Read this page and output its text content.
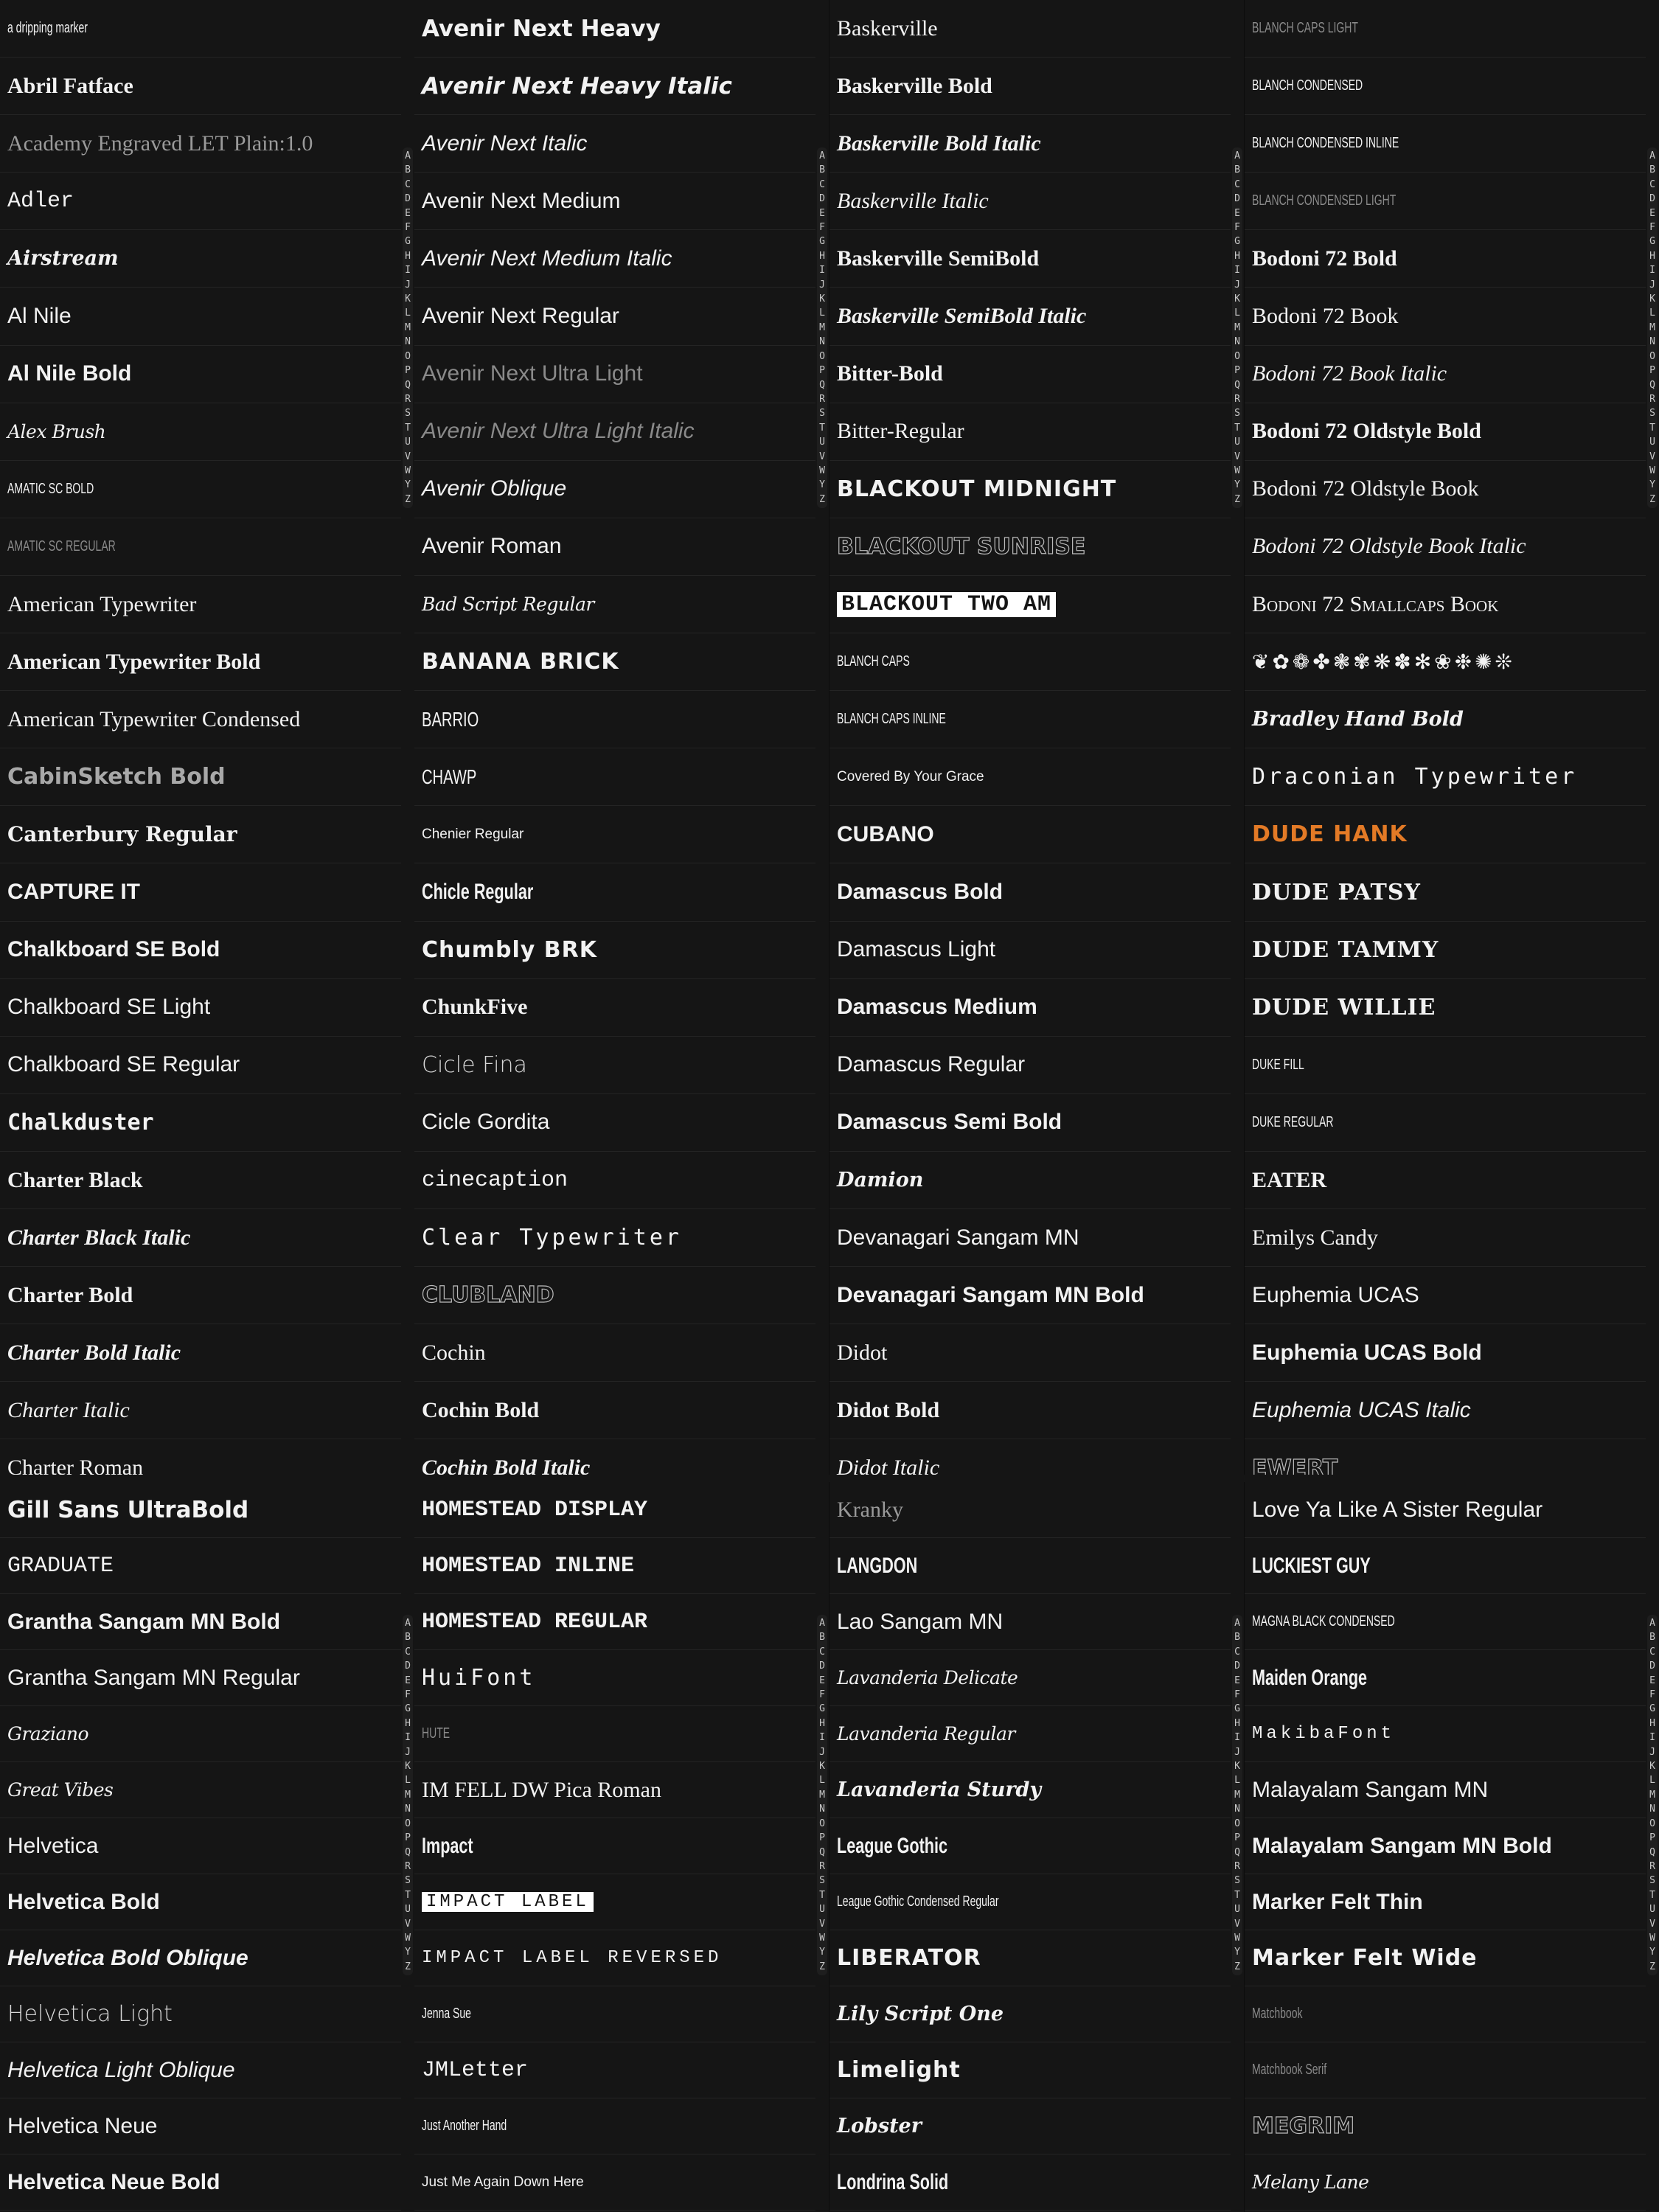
a dripping marker
Abril Fatface
Academy Engraved LET Plain:1.0
Adler
Airstream
Al Nile
Al Nile Bold
Alex Brush
AMATIC SC BOLD
AMATIC SC REGULAR
American Typewriter
American Typewriter Bold
American Typewriter Condensed
CabinSketch Bold
Canterbury Regular
CAPTURE IT
Chalkboard SE Bold
Chalkboard SE Light
Chalkboard SE Regular
Chalkduster
Charter Black
Charter Black Italic
Charter Bold
Charter Bold Italic
Charter Italic
Charter Roman
A
B
C
D
E
F
G
H
I
J
K
L
M
N
O
P
Q
R
S
T
U
V
W
Y
Z
Avenir Next Heavy
Avenir Next Heavy Italic
Avenir Next Italic
Avenir Next Medium
Avenir Next Medium Italic
Avenir Next Regular
Avenir Next Ultra Light
Avenir Next Ultra Light Italic
Avenir Oblique
Avenir Roman
Bad Script Regular
BANANA BRICK
BARRIO
CHAWP
Chenier Regular
Chicle Regular
Chumbly BRK
ChunkFive
Cicle Fina
Cicle Gordita
cinecaption
Clear Typewriter
CLUBLAND
Cochin
Cochin Bold
Cochin Bold Italic
A
B
C
D
E
F
G
H
I
J
K
L
M
N
O
P
Q
R
S
T
U
V
W
Y
Z
Baskerville
Baskerville Bold
Baskerville Bold Italic
Baskerville Italic
Baskerville SemiBold
Baskerville SemiBold Italic
Bitter-Bold
Bitter-Regular
BLACKOUT MIDNIGHT
BLACKOUT SUNRISE
BLACKOUT TWO AM
BLANCH CAPS
BLANCH CAPS INLINE
Covered By Your Grace
CUBANO
Damascus Bold
Damascus Light
Damascus Medium
Damascus Regular
Damascus Semi Bold
Damion
Devanagari Sangam MN
Devanagari Sangam MN Bold
Didot
Didot Bold
Didot Italic
A
B
C
D
E
F
G
H
I
J
K
L
M
N
O
P
Q
R
S
T
U
V
W
Y
Z
BLANCH CAPS LIGHT
BLANCH CONDENSED
BLANCH CONDENSED INLINE
BLANCH CONDENSED LIGHT
Bodoni 72 Bold
Bodoni 72 Book
Bodoni 72 Book Italic
Bodoni 72 Oldstyle Bold
Bodoni 72 Oldstyle Book
Bodoni 72 Oldstyle Book Italic
Bodoni 72 Smallcaps Book
❦✿❁✤❃✾❋✽✻❀❉✺❊
Bradley Hand Bold
Draconian Typewriter
DUDE HANK
DUDE PATSY
DUDE TAMMY
DUDE WILLIE
DUKE FILL
DUKE REGULAR
EATER
Emilys Candy
Euphemia UCAS
Euphemia UCAS Bold
Euphemia UCAS Italic
EWERT
A
B
C
D
E
F
G
H
I
J
K
L
M
N
O
P
Q
R
S
T
U
V
W
Y
Z
Gill Sans UltraBold
GRADUATE
Grantha Sangam MN Bold
Grantha Sangam MN Regular
Graziano
Great Vibes
Helvetica
Helvetica Bold
Helvetica Bold Oblique
Helvetica Light
Helvetica Light Oblique
Helvetica Neue
Helvetica Neue Bold
A
B
C
D
E
F
G
H
I
J
K
L
M
N
O
P
Q
R
S
T
U
V
W
Y
Z
HOMESTEAD DISPLAY
HOMESTEAD INLINE
HOMESTEAD REGULAR
HuiFont
HUTE
IM FELL DW Pica Roman
Impact
IMPACT LABEL
IMPACT LABEL REVERSED
Jenna Sue
JMLetter
Just Another Hand
Just Me Again Down Here
A
B
C
D
E
F
G
H
I
J
K
L
M
N
O
P
Q
R
S
T
U
V
W
Y
Z
Kranky
LANGDON
Lao Sangam MN
Lavanderia Delicate
Lavanderia Regular
Lavanderia Sturdy
League Gothic
League Gothic Condensed Regular
LIBERATOR
Lily Script One
Limelight
Lobster
Londrina Solid
A
B
C
D
E
F
G
H
I
J
K
L
M
N
O
P
Q
R
S
T
U
V
W
Y
Z
Love Ya Like A Sister Regular
LUCKIEST GUY
MAGNA BLACK CONDENSED
Maiden Orange
MakibaFont
Malayalam Sangam MN
Malayalam Sangam MN Bold
Marker Felt Thin
Marker Felt Wide
Matchbook
Matchbook Serif
MEGRIM
Melany Lane
A
B
C
D
E
F
G
H
I
J
K
L
M
N
O
P
Q
R
S
T
U
V
W
Y
Z
